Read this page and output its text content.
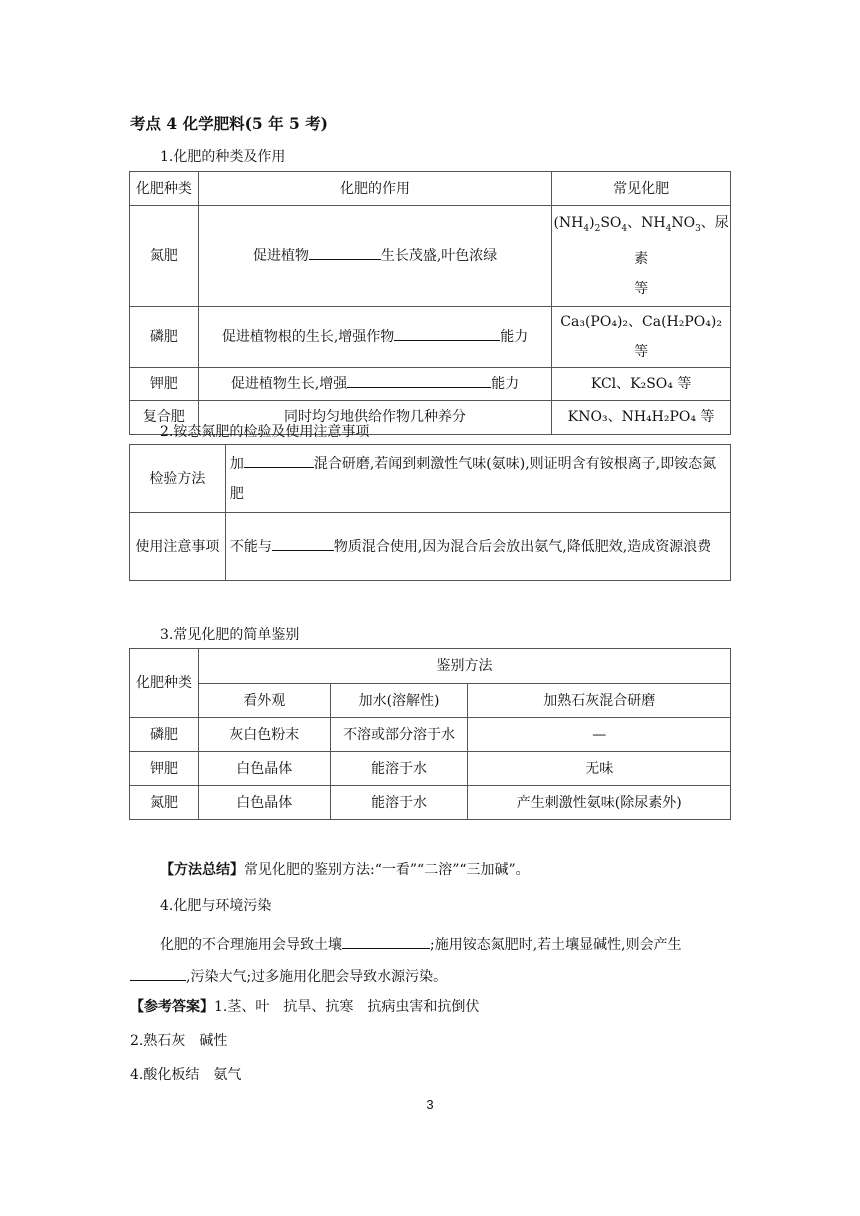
考点 4 化学肥料(5 年 5 考)
1.化肥的种类及作用
化肥种类	化肥的作用	常见化肥
氮肥	促进植物 生长茂盛,叶色浓绿	$(NH_4)_2SO_4$、$NH_4NO_3$、尿素
等
磷肥	促进植物根的生长,增强作物 能力	Ca₃(PO₄)₂、Ca(H₂PO₄)₂ 等
钾肥	促进植物生长,增强 能力	KCl、K₂SO₄ 等
复合肥	同时均匀地供给作物几种养分	KNO₃、NH₄H₂PO₄ 等
2.铵态氮肥的检验及使用注意事项
检验方法	加 混合研磨,若闻到刺激性气味(氨味),则证明含有铵根离子,即铵态氮肥
使用注意事项	不能与 物质混合使用,因为混合后会放出氨气,降低肥效,造成资源浪费
3.常见化肥的简单鉴别
化肥种类	鉴别方法		
	看外观	加水(溶解性)	加熟石灰混合研磨
磷肥	灰白色粉末	不溶或部分溶于水	—
钾肥	白色晶体	能溶于水	无味
氮肥	白色晶体	能溶于水	产生刺激性氨味(除尿素外)
【方法总结】常见化肥的鉴别方法:“一看”“二溶”“三加碱”。
4.化肥与环境污染
化肥的不合理施用会导致土壤	;施用铵态氮肥时,若土壤显碱性,则会产生
,污染大气;过多施用化肥会导致水源污染。
【参考答案】1.茎、叶　抗旱、抗寒　抗病虫害和抗倒伏
2.熟石灰　碱性
4.酸化板结　氨气
3
